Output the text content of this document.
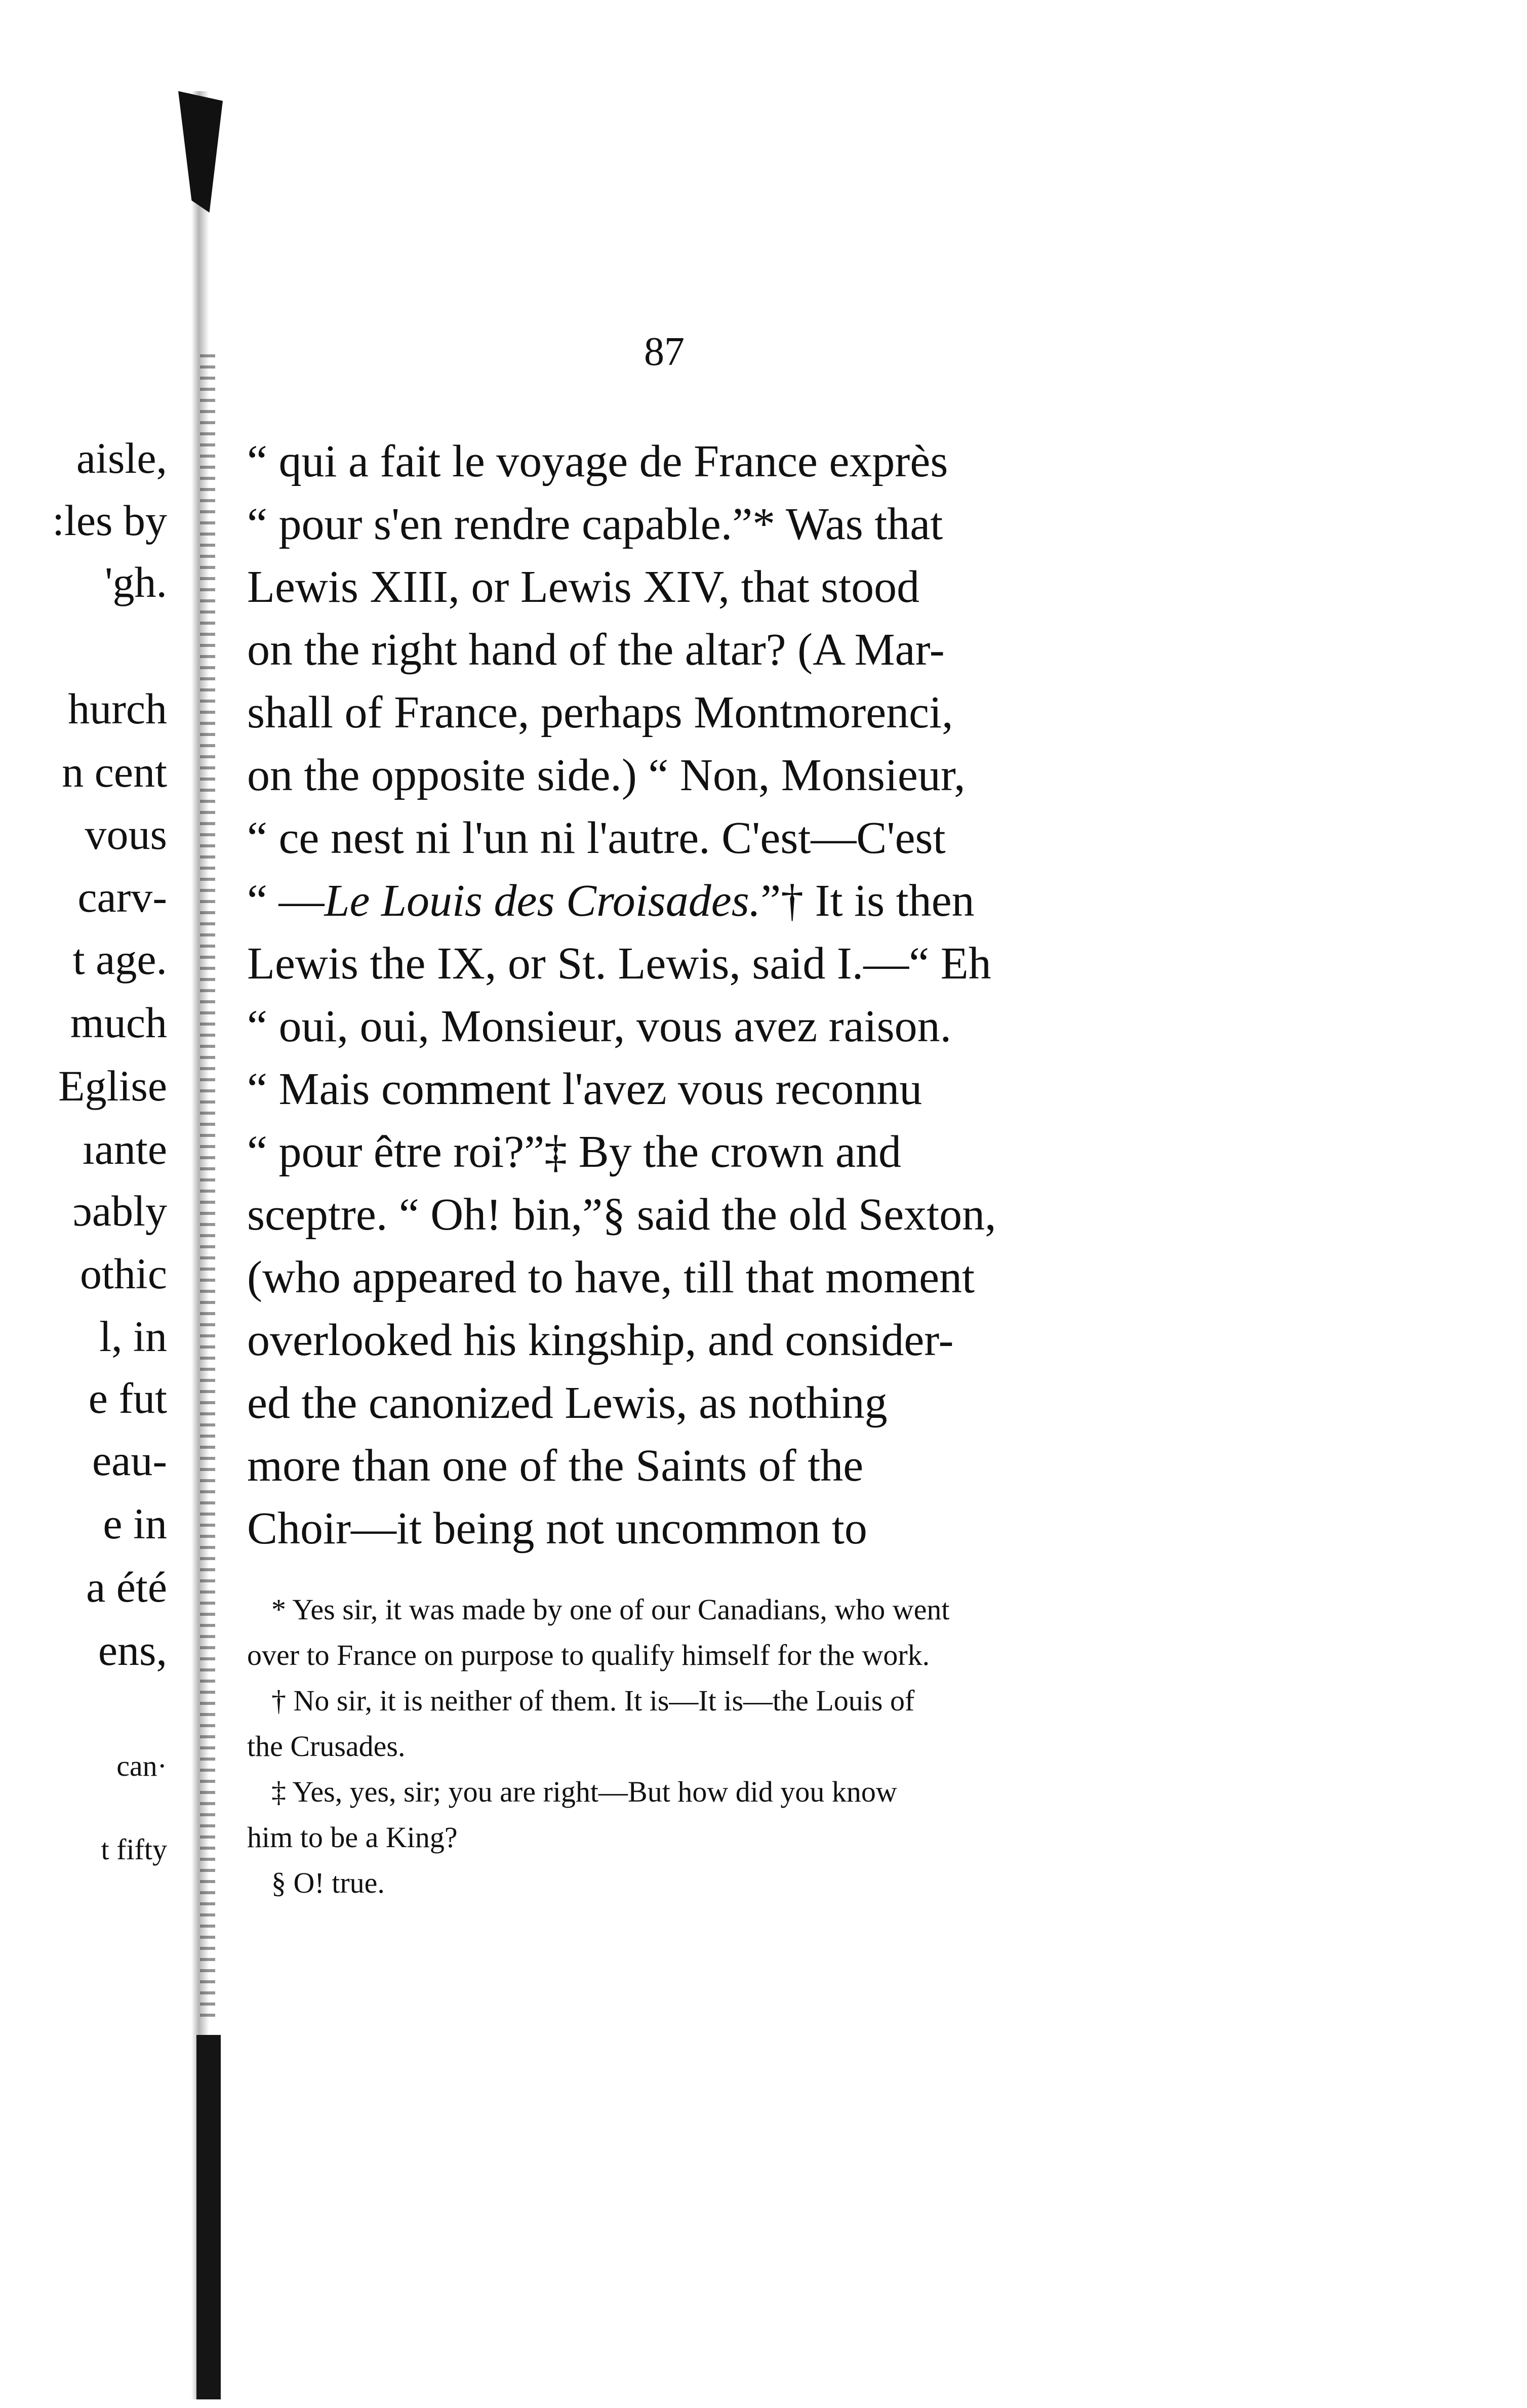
87
aisle,
:les by
'gh.
hurch
n cent
vous
carv-
t age.
much
Eglise
ıante
ɔably
othic
l, in
e fut
eau-
e in
a été
ens,
can·
t fifty
“ qui a fait le voyage de France exprès
“ pour s'en rendre capable.”* Was that
Lewis XIII, or Lewis XIV, that stood
on the right hand of the altar? (A Mar-
shall of France, perhaps Montmorenci,
on the opposite side.) “ Non, Monsieur,
“ ce nest ni l'un ni l'autre. C'est—C'est
“ —Le Louis des Croisades.”† It is then
Lewis the IX, or St. Lewis, said I.—“ Eh
“ oui, oui, Monsieur, vous avez raison.
“ Mais comment l'avez vous reconnu
“ pour être roi?”‡ By the crown and
sceptre. “ Oh! bin,”§ said the old Sexton,
(who appeared to have, till that moment
overlooked his kingship, and consider-
ed the canonized Lewis, as nothing
more than one of the Saints of the
Choir—it being not uncommon to
* Yes sir, it was made by one of our Canadians, who went
over to France on purpose to qualify himself for the work.
† No sir, it is neither of them. It is—It is—the Louis of
the Crusades.
‡ Yes, yes, sir; you are right—But how did you know
him to be a King?
§ O! true.
